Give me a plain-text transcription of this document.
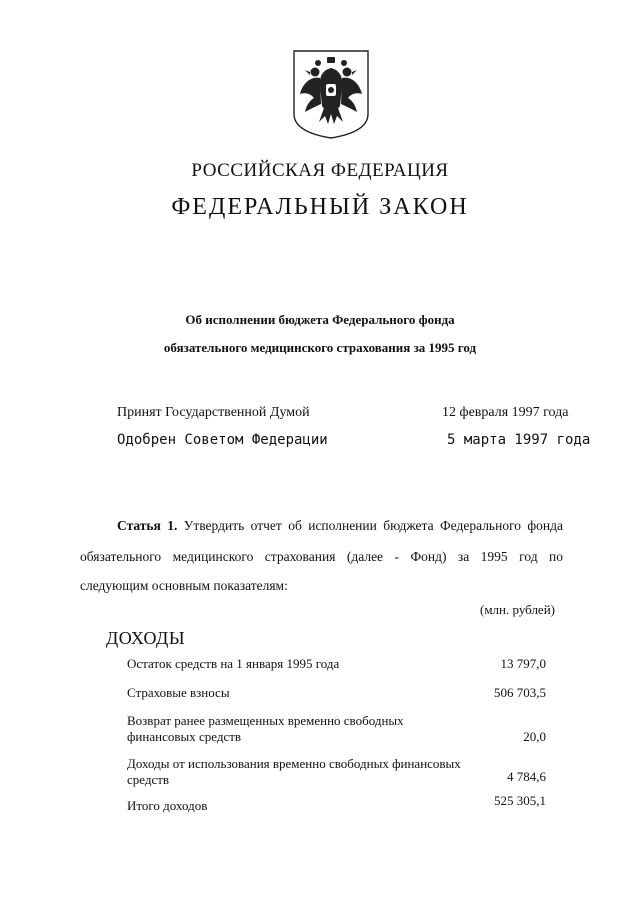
РОССИЙСКАЯ ФЕДЕРАЦИЯ
ФЕДЕРАЛЬНЫЙ ЗАКОН
Об исполнении бюджета Федерального фонда
обязательного медицинского страхования за 1995 год
Принят Государственной Думой	12 февраля 1997 года
Одобрен Советом Федерации	5 марта 1997 года
Статья 1. Утвердить отчет об исполнении бюджета Федерального фонда
обязательного медицинского страхования (далее - Фонд) за 1995 год по
следующим основным показателям:
(млн. рублей)
ДОХОДЫ
Остаток средств на 1 января 1995 года	13 797,0
Страховые взносы	506 703,5
Возврат ранее размещенных временно свободных финансовых средств	20,0
Доходы от использования временно свободных финансовых средств	4 784,6
Итого доходов	525 305,1
